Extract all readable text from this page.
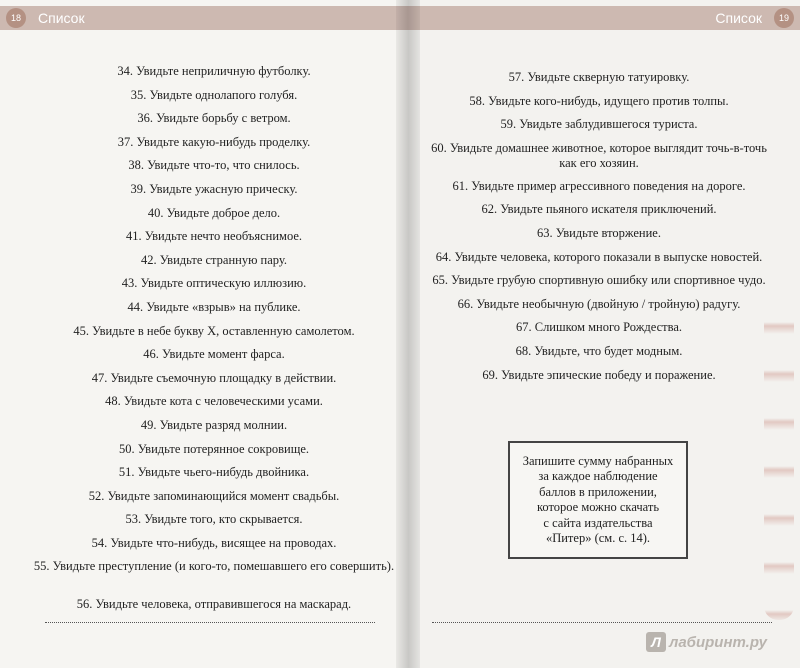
18	Список
34. Увидьте неприличную футболку.
35. Увидьте однолапого голубя.
36. Увидьте борьбу с ветром.
37. Увидьте какую-нибудь проделку.
38. Увидьте что-то, что снилось.
39. Увидьте ужасную прическу.
40. Увидьте доброе дело.
41. Увидьте нечто необъяснимое.
42. Увидьте странную пару.
43. Увидьте оптическую иллюзию.
44. Увидьте «взрыв» на публике.
45. Увидьте в небе букву X, оставленную самолетом.
46. Увидьте момент фарса.
47. Увидьте съемочную площадку в действии.
48. Увидьте кота с человеческими усами.
49. Увидьте разряд молнии.
50. Увидьте потерянное сокровище.
51. Увидьте чьего-нибудь двойника.
52. Увидьте запоминающийся момент свадьбы.
53. Увидьте того, кто скрывается.
54. Увидьте что-нибудь, висящее на проводах.
55. Увидьте преступление (и кого-то, помешавшего его совершить).
56. Увидьте человека, отправившегося на маскарад.
Список	19
57. Увидьте скверную татуировку.
58. Увидьте кого-нибудь, идущего против толпы.
59. Увидьте заблудившегося туриста.
60. Увидьте домашнее животное, которое выглядит точь-в-точь как его хозяин.
61. Увидьте пример агрессивного поведения на дороге.
62. Увидьте пьяного искателя приключений.
63. Увидьте вторжение.
64. Увидьте человека, которого показали в выпуске новостей.
65. Увидьте грубую спортивную ошибку или спортивное чудо.
66. Увидьте необычную (двойную / тройную) радугу.
67. Слишком много Рождества.
68. Увидьте, что будет модным.
69. Увидьте эпические победу и поражение.
Запишите сумму набранных
за каждое наблюдение
баллов в приложении,
которое можно скачать
с сайта издательства
«Питер» (см. с. 14).
Л лабиринт.ру
